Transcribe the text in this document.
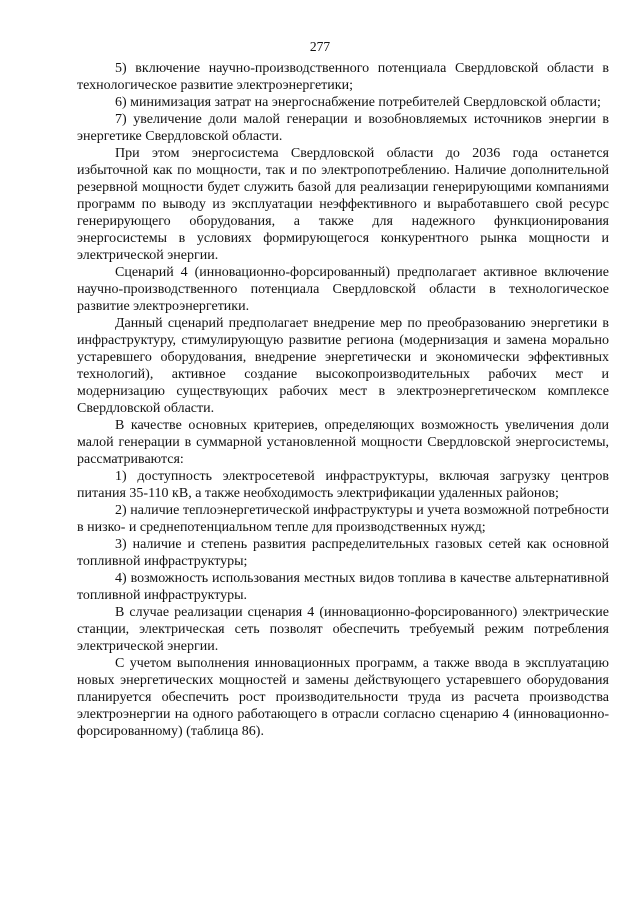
277

5) включение научно-производственного потенциала Свердловской области в технологическое развитие электроэнергетики;

6) минимизация затрат на энергоснабжение потребителей Свердловской области;

7) увеличение доли малой генерации и возобновляемых источников энергии в энергетике Свердловской области.

При этом энергосистема Свердловской области до 2036 года останется избыточной как по мощности, так и по электропотреблению. Наличие дополнительной резервной мощности будет служить базой для реализации генерирующими компаниями программ по выводу из эксплуатации неэффективного и выработавшего свой ресурс генерирующего оборудования, а также для надежного функционирования энергосистемы в условиях формирующегося конкурентного рынка мощности и электрической энергии.

Сценарий 4 (инновационно-форсированный) предполагает активное включение научно-производственного потенциала Свердловской области в технологическое развитие электроэнергетики.

Данный сценарий предполагает внедрение мер по преобразованию энергетики в инфраструктуру, стимулирующую развитие региона (модернизация и замена морально устаревшего оборудования, внедрение энергетически и экономически эффективных технологий), активное создание высокопроизводительных рабочих мест и модернизацию существующих рабочих мест в электроэнергетическом комплексе Свердловской области.

В качестве основных критериев, определяющих возможность увеличения доли малой генерации в суммарной установленной мощности Свердловской энергосистемы, рассматриваются:

1) доступность электросетевой инфраструктуры, включая загрузку центров питания 35-110 кВ, а также необходимость электрификации удаленных районов;

2) наличие теплоэнергетической инфраструктуры и учета возможной потребности в низко- и среднепотенциальном тепле для производственных нужд;

3) наличие и степень развития распределительных газовых сетей как основной топливной инфраструктуры;

4) возможность использования местных видов топлива в качестве альтернативной топливной инфраструктуры.

В случае реализации сценария 4 (инновационно-форсированного) электрические станции, электрическая сеть позволят обеспечить требуемый режим потребления электрической энергии.

С учетом выполнения инновационных программ, а также ввода в эксплуатацию новых энергетических мощностей и замены действующего устаревшего оборудования планируется обеспечить рост производительности труда из расчета производства электроэнергии на одного работающего в отрасли согласно сценарию 4 (инновационно-форсированному) (таблица 86).
